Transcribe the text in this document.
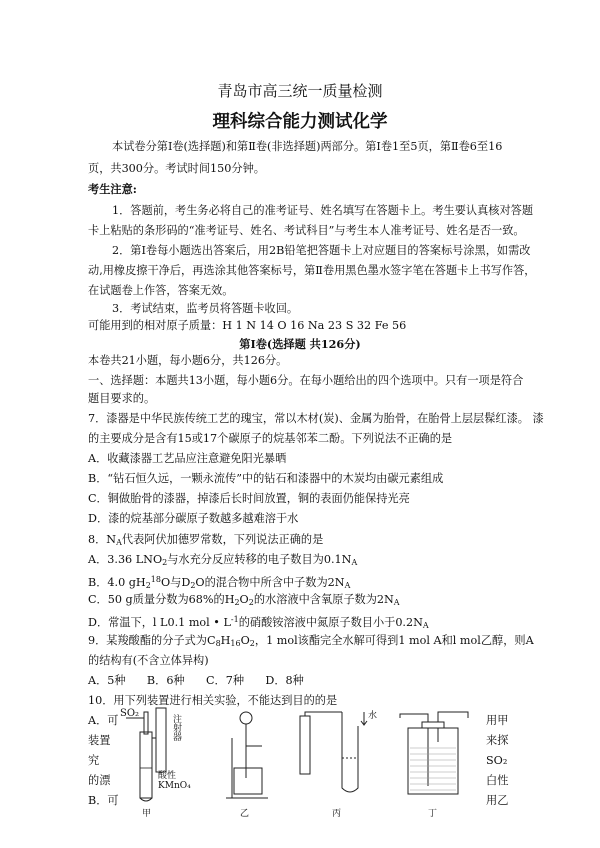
青岛市高三统一质量检测
理科综合能力测试化学
本试卷分第Ⅰ卷(选择题)和第Ⅱ卷(非选择题)两部分。第Ⅰ卷1至5页，第Ⅱ卷6至16
页，共300分。考试时间150分钟。
考生注意:
1．答题前，考生务必将自己的准考证号、姓名填写在答题卡上。考生要认真核对答题
卡上粘贴的条形码的“准考证号、姓名、考试科目”与考生本人准考证号、姓名是否一致。
2．第Ⅰ卷每小题选出答案后，用2B铅笔把答题卡上对应题目的答案标号涂黑，如需改
动,用橡皮擦干净后，再选涂其他答案标号，第Ⅱ卷用黑色墨水签字笔在答题卡上书写作答，
在试题卷上作答，答案无效。
3．考试结束，监考员将答题卡收回。
可能用到的相对原子质量：H 1 N 14 O 16 Na 23 S 32 Fe 56
第Ⅰ卷(选择题 共126分)
本卷共21小题，每小题6分，共126分。
一、选择题：本题共13小题，每小题6分。在每小题给出的四个选项中。只有一项是符合
题目要求的。
7．漆器是中华民族传统工艺的瑰宝，常以木材(炭)、金属为胎骨，在胎骨上层层髹红漆。 漆
的主要成分是含有15或17个碳原子的烷基邻苯二酚。下列说法不正确的是
A．收藏漆器工艺品应注意避免阳光暴晒
B．“钻石恒久远，一颗永流传”中的钻石和漆器中的木炭均由碳元素组成
C．铜做胎骨的漆器，掉漆后长时间放置，铜的表面仍能保持光亮
D．漆的烷基部分碳原子数越多越难溶于水
8．$N_A$代表阿伏加德罗常数，下列说法正确的是
A．3.36 $LNO_2$与水充分反应转移的电子数目为$0.1N_A$
B．4.0 $gH_2^{18}O$与$D_2O$的混合物中所含中子数为$2N_A$
C．50 g质量分数为68%的$H_2O_2$的水溶液中含氧原子数为$2N_A$
D．常温下，l L0.1 mol • $L^{-1}$的硝酸铵溶液中氮原子数目小于$0.2N_A$
9．某羧酸酯的分子式为$C_8H_{16}O_2$，1 mol该酯完全水解可得到1 mol A和l mol乙醇，则A
的结构有(不含立体异构)
A．5种      B．6种      C．7种      D．8种
10．用下列装置进行相关实验，不能达到目的的是
A．可
装置
究
的漂
B．可
用甲
来探
SO₂
白性
用乙
SO₂
注射器
酸性 KMnO₄
甲	乙
水
丙	丁
